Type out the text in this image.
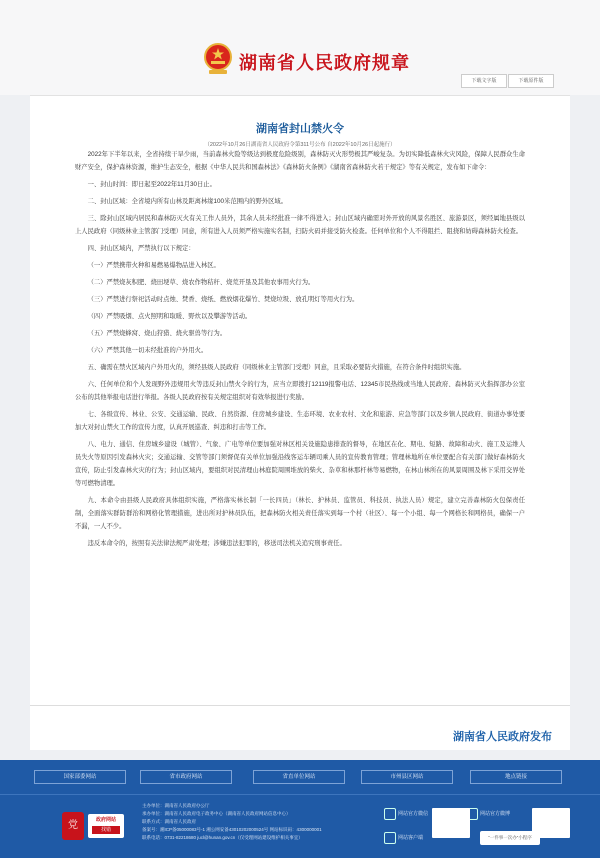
湖南省人民政府规章
下载文字版	下载原件版
湖南省封山禁火令
（2022年10月26日湖南省人民政府令第311号公布 自2022年10月26日起施行）

2022年下半年以来，全省持续干旱少雨，当前森林火险等级达到极度危险级别，森林防灭火形势极其严峻复杂。为切实降低森林火灾风险，保障人民群众生命财产安全，保护森林资源，维护生态安全，根据《中华人民共和国森林法》《森林防火条例》《湖南省森林防火若干规定》等有关规定，发布如下命令：

一、封山时间：即日起至2022年11月30日止。

二、封山区域：全省境内所有山林及距离林缘100米范围内的野外区域。

三、除封山区域内居民和森林防灭火有关工作人员外，其余人员未经批准一律不得进入；封山区域内确需对外开放的风景名胜区、旅游景区，须经属地县级以上人民政府（同级林业主管部门受理）同意，所有进入人员须严格实施实名制，扫防火码并接受防火检查。任何单位和个人不得阻拦、阻挠和妨碍森林防火检查。

四、封山区域内，严禁执行以下规定：

（一）严禁携带火种和易燃易爆物品进入林区。

（二）严禁烧灰积肥、烧田埂草、烧农作物秸秆、烧荒开垦及其他农事用火行为。

（三）严禁进行祭祀活动时点烛、焚香、烧纸、燃放烟花爆竹、焚烧垃圾、放孔明灯等用火行为。

（四）严禁吸烟、点火照明和取暖、野炊以及攀游等活动。

（五）严禁烧蜂窝、烧山狩猎、烧火驱兽等行为。

（六）严禁其他一切未经批准的户外用火。

五、确需在禁火区域内户外用火的，须经县级人民政府（同级林业主管部门受理）同意，且采取必要防火措施，在符合条件时组织实施。

六、任何单位和个人发现野外违规用火等违反封山禁火令的行为，应当立即拨打12119报警电话、12345市民热线或当地人民政府、森林防灭火指挥部办公室公布的其他举报电话进行举报。各级人民政府按有关规定组织对有效举报进行奖励。

七、各级宣传、林业、公安、交通运输、民政、自然资源、住房城乡建设、生态环境、农业农村、文化和旅游、应急等部门以及乡镇人民政府、街道办事处要加大对封山禁火工作的宣传力度，认真开展巡查、纠违和打击等工作。

八、电力、通信、住房城乡建设（城管）、气象、广电等单位要加强对林区相关设施隐患排查的督导，在地区在化、期电、短路、故障和动火、施工及运维人员失火等原因引发森林火灾；交通运输、交管等部门须督促有关单位加强沿线客运车辆司乘人员的宣传教育管理；管理林地所在单位要配合有关部门做好森林防火宣传，防止引发森林火灾的行为；封山区域内，要组织对民清理山林庭院周围堆放的柴火、杂草和林那杆林等易燃物，在林山林所在的风景周围及林下采用交界处等可燃物清理。

九、本命令由县级人民政府具体组织实施，严格落实林长制「一长四员」（林长、护林员、监管员、科技员、执法人员）规定，建立完善森林防火包保责任制，全面落实群防群治和网格化管理措施，进出所对护林员队伍，把森林防火相关责任落实到每一个村（社区）、每一个小组、每一个网格长和网格员，确保一户不漏，一人不少。

违反本命令的，按照有关法律法规严肃处理；涉嫌违法犯罪的，移送司法机关追究刑事责任。

湖南省人民政府发布
国家部委网站	省市政府网站	省直单位网站	市州县区网站	地点链接
党	政府网站
找错
主办单位：湖南省人民政府办公厅
承办单位：湖南省人民政府电子政务中心（湖南省人民政府网站信息中心）
联系方式：湖南省人民政府
备案号：湘ICP备05000083号-1 湘公网安备43010202000524号 网站标识码：4300000001
联系电话：0731-82218680 jucl@hunan.gov.cn（仅受理网站建设维护相关事宜）
网站官方微信	网站官方微博
网站客户端	“一件事一次办”小程序
